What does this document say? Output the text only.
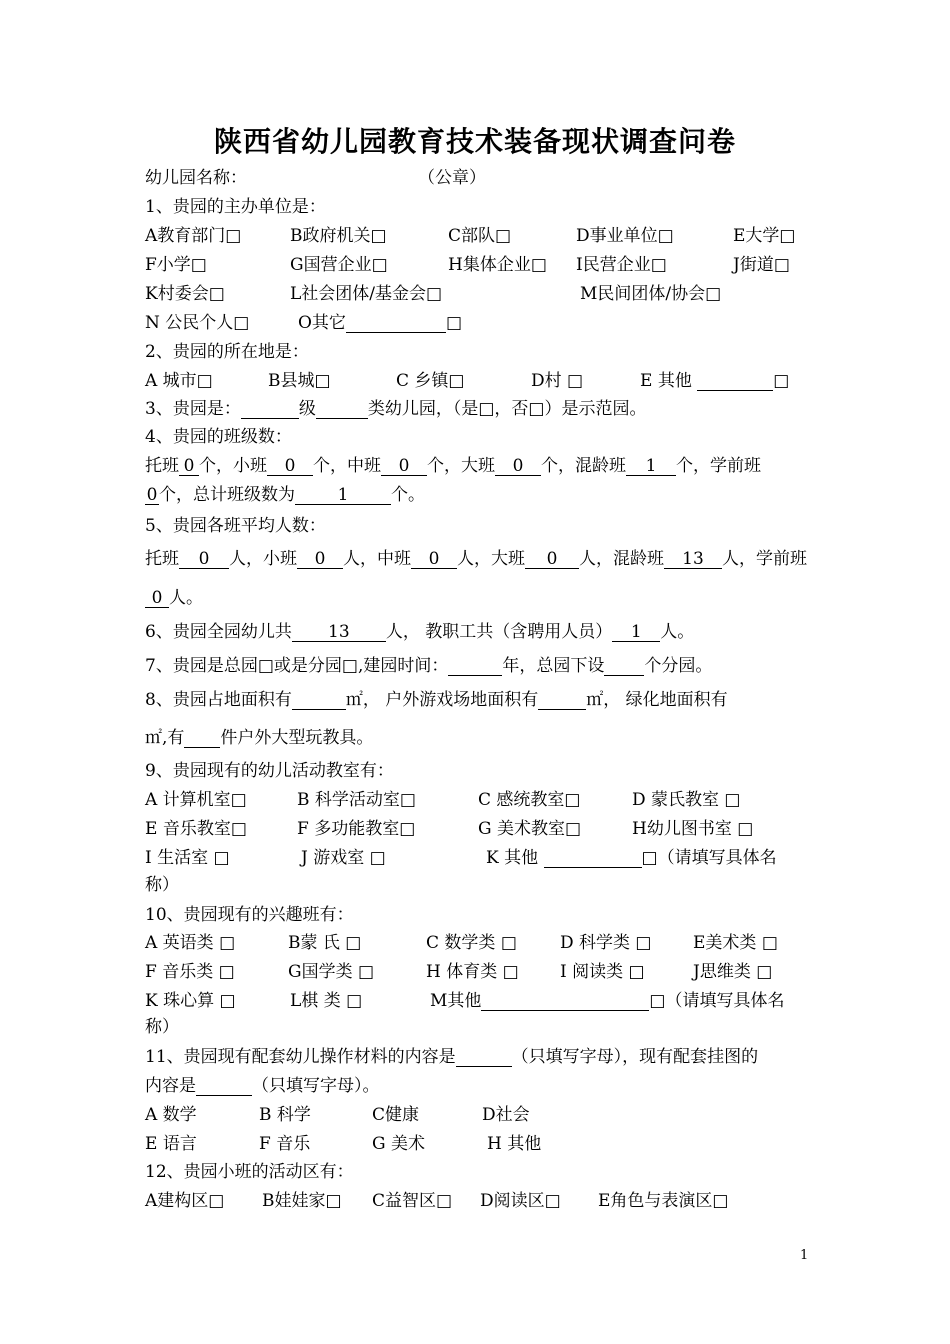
陕西省幼儿园教育技术装备现状调查问卷
幼儿园名称：	（公章）
1、贵园的主办单位是：
A教育部门□	B政府机关□	C部队□	D事业单位□	E大学□
F小学□	G国营企业□	H集体企业□ I民营企业□	J街道□
K村委会□	L社会团体/基金会□	M民间团体/协会□
N 公民个人□	O其它	□
2、贵园的所在地是：
A 城市□	B县城□	C 乡镇□	D村 □	E 其他	□
3、贵园是：	级	类幼儿园，（是□，否□）是示范园。
4、贵园的班级数：
托班 0 个，小班 0 个，中班 0 个，大班 0 个，混龄班 1 个，学前班
0个，总计班级数为	1	个。
5、贵园各班平均人数：
托班 0 人，小班 0 人，中班 0 人，大班 0 人，混龄班 13 人，学前班
0 人。
6、贵园全园幼儿共 13 人， 教职工共（含聘用人员） 1 人。
7、贵园是总园□或是分园□,建园时间：	年，总园下设 个分园。
8、贵园占地面积有	㎡， 户外游戏场地面积有	㎡， 绿化地面积有
㎡,有 件户外大型玩教具。
9、贵园现有的幼儿活动教室有：
A 计算机室□	B 科学活动室□	C 感统教室□	D 蒙氏教室 □
E 音乐教室□	F 多功能教室□	G 美术教室□	H幼儿图书室 □
I 生活室 □	J 游戏室 □	K 其他	□（请填写具体名
称）
10、贵园现有的兴趣班有：
A 英语类 □	B蒙 氏 □	C 数学类 □	D 科学类 □ E美术类 □
F 音乐类 □	G国学类 □	H 体育类 □ I 阅读类 □	J思维类 □
K 珠心算 □	L棋 类 □	M其他	□（请填写具体名
称）
11、贵园现有配套幼儿操作材料的内容是	（只填写字母），现有配套挂图的
内容是	（只填写字母）。
A 数学	B 科学	C健康	D社会
E 语言	F 音乐	G 美术	H 其他
12、贵园小班的活动区有：
A建构区□ B娃娃家□ C益智区□ D阅读区□ E角色与表演区□
1
